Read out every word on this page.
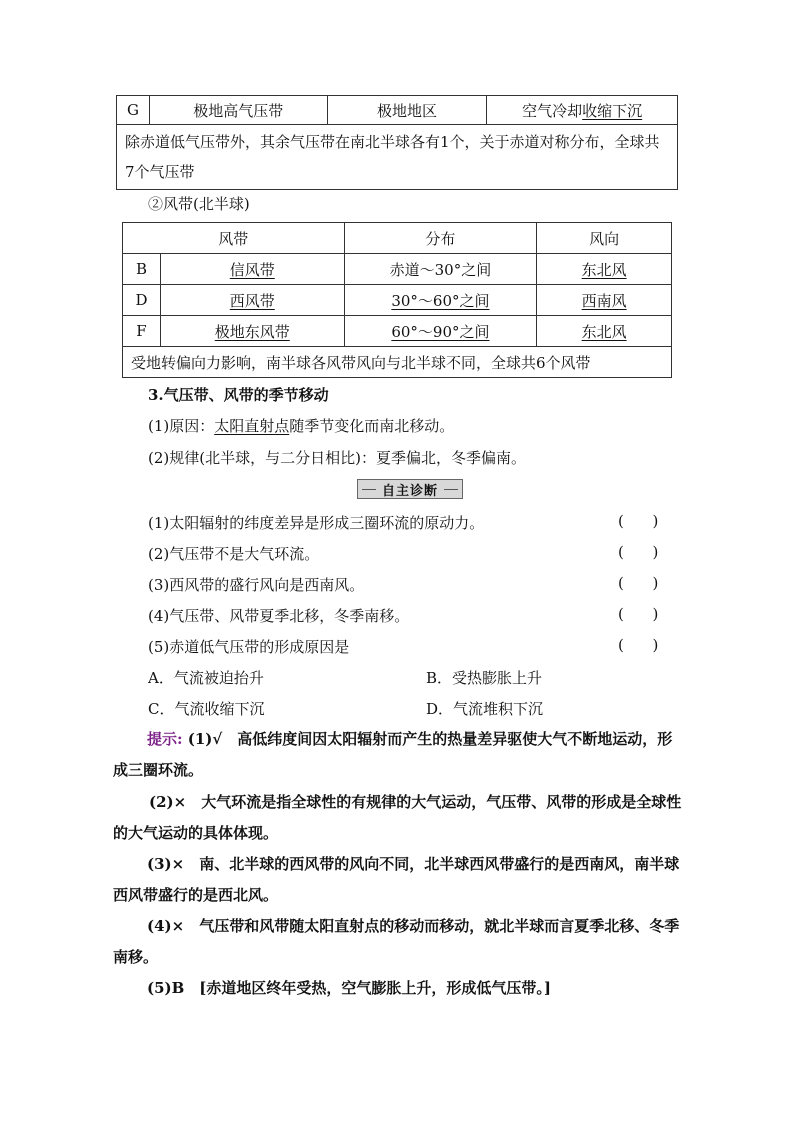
G	极地高气压带	极地地区	空气冷却收缩下沉
除赤道低气压带外，其余气压带在南北半球各有1个，关于赤道对称分布，全球共7个气压带
②风带(北半球)
风带		分布	风向
B	信风带	赤道～30°之间	东北风
D	西风带	30°～60°之间	西南风
F	极地东风带	60°～90°之间	东北风
受地转偏向力影响，南半球各风带风向与北半球不同，全球共6个风带			
3.气压带、风带的季节移动
(1)原因：太阳直射点随季节变化而南北移动。
(2)规律(北半球，与二分日相比)：夏季偏北，冬季偏南。
自主诊断
(1)太阳辐射的纬度差异是形成三圈环流的原动力。	(      )
(2)气压带不是大气环流。	(      )
(3)西风带的盛行风向是西南风。	(      )
(4)气压带、风带夏季北移，冬季南移。	(      )
(5)赤道低气压带的形成原因是	(      )
A．气流被迫抬升	B．受热膨胀上升
C．气流收缩下沉	D．气流堆积下沉
提示: (1)√　高低纬度间因太阳辐射而产生的热量差异驱使大气不断地运动，形成三圈环流。
(2)×　大气环流是指全球性的有规律的大气运动，气压带、风带的形成是全球性的大气运动的具体体现。
(3)×　南、北半球的西风带的风向不同，北半球西风带盛行的是西南风，南半球西风带盛行的是西北风。
(4)×　气压带和风带随太阳直射点的移动而移动，就北半球而言夏季北移、冬季南移。
(5)B　[赤道地区终年受热，空气膨胀上升，形成低气压带。]
